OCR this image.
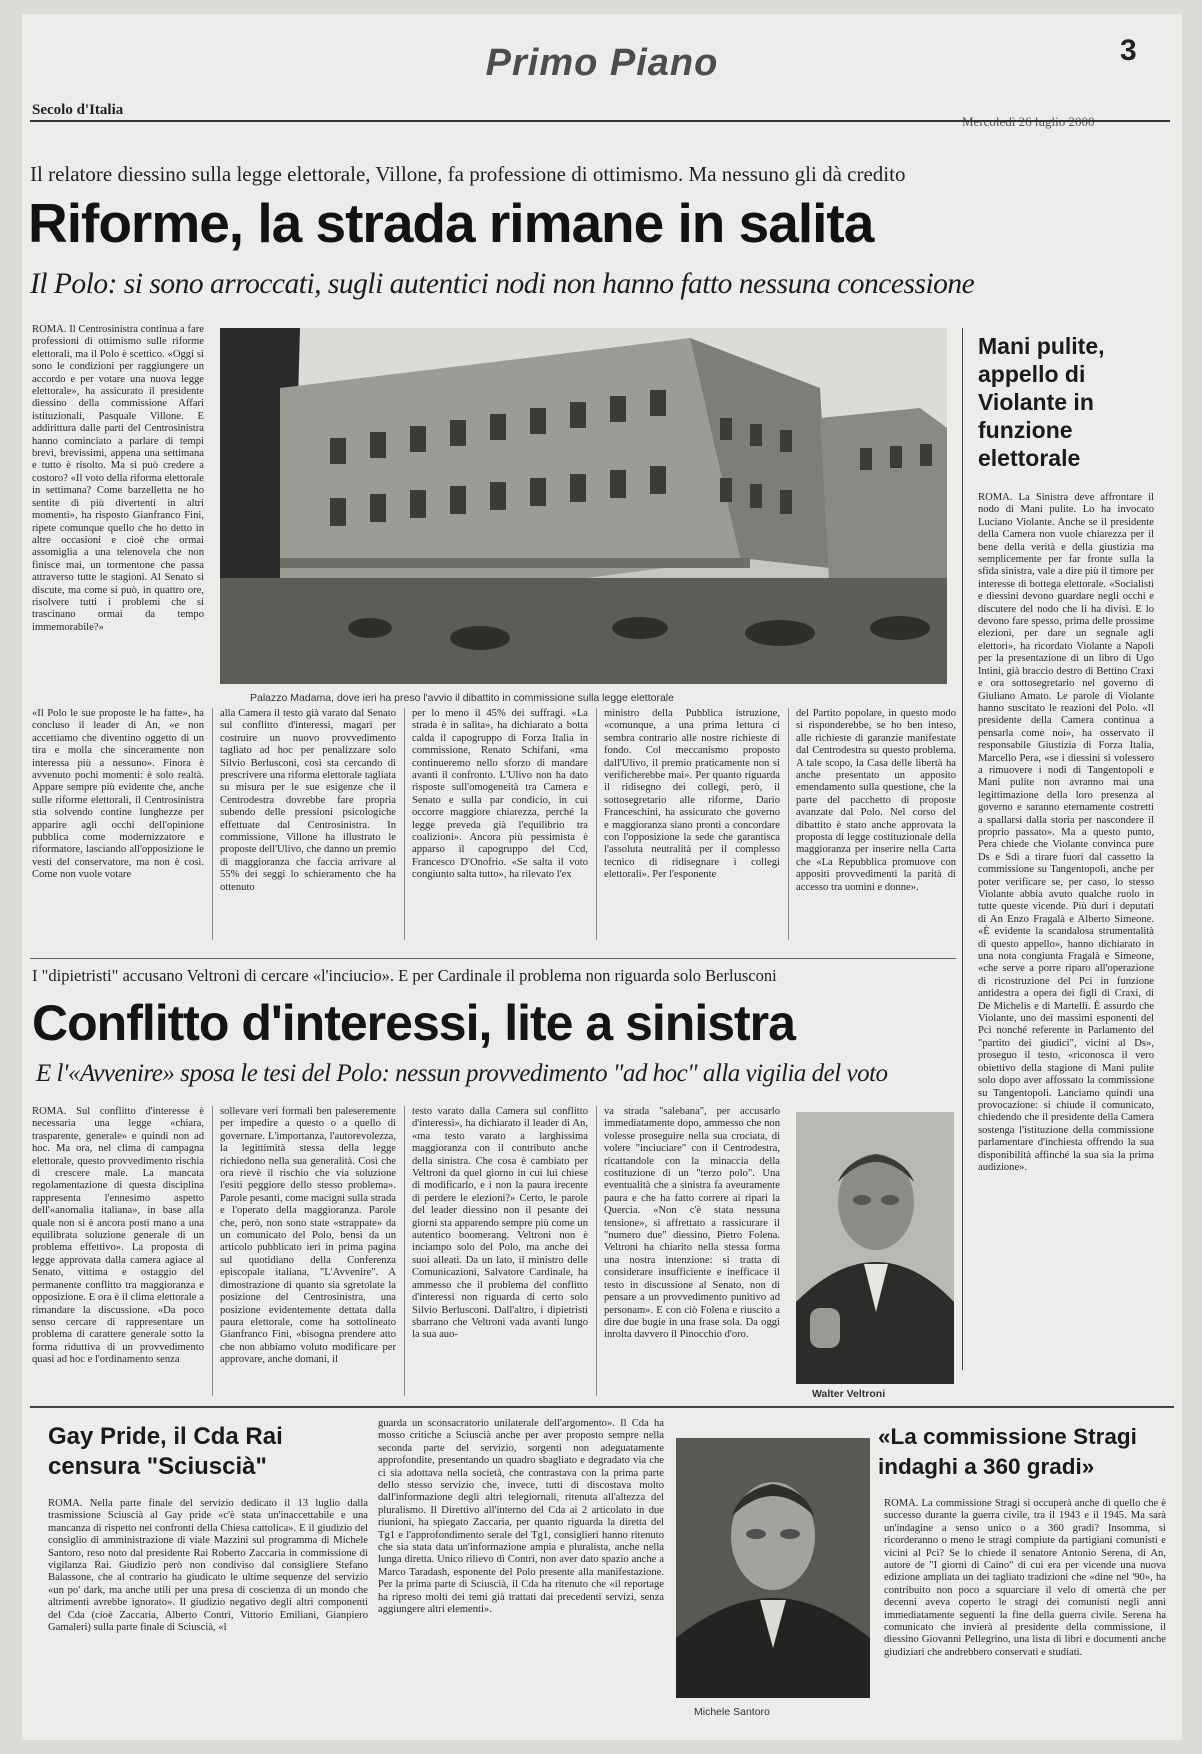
Primo Piano	3
Secolo d'Italia
Il relatore diessino sulla legge elettorale, Villone, fa professione di ottimismo. Ma nessuno gli dà credito
Riforme, la strada rimane in salita
Il Polo: si sono arroccati, sugli autentici nodi non hanno fatto nessuna concessione
ROMA. Il Centrosinistra continua a fare professioni di ottimismo sulle riforme elettorali, ma il Polo è scettico. «Oggi si sono le condizioni per raggiungere un accordo e per votare una nuova legge elettorale», ha assicurato il presidente diessino della commissione Affari istituzionali, Pasquale Villone. E addirittura dalle parti del Centrosinistra hanno cominciato a parlare di tempi brevi, brevissimi, appena una settimana e tutto è risolto. Ma si può credere a costoro? «Il voto della riforma elettorale in settimana? Come barzelletta ne ho sentite di più divertenti in altri momenti», ha risposto Gianfranco Fini, ripete comunque quello che ho detto in altre occasioni e cioè che ormai assomiglia a una telenovela che non finisce mai, un tormentone che passa attraverso tutte le stagioni. Al Senato si discute, ma come si può, in quattro ore, risolvere tutti i problemi che si trascinano ormai da tempo immemorabile?»
Palazzo Madama, dove ieri ha preso l'avvio il dibattito in commissione sulla legge elettorale
«Il Polo le sue proposte le ha fatte», ha concluso il leader di An, «e non accettiamo che diventino oggetto di un tira e molla che sinceramente non interessa più a nessuno». Finora è avvenuto pochi momenti: è solo realtà. Appare sempre più evidente che, anche sulle riforme elettorali, il Centrosinistra stia solvendo contine lunghezze per apparire agli occhi dell'opinione pubblica come modernizzatore e riformatore, lasciando all'opposizione le vesti del conservatore, ma non è così. Come non vuole votare
alla Camera il testo già varato dal Senato sul conflitto d'interessi, magari per costruire un nuovo provvedimento tagliato ad hoc per penalizzare solo Silvio Berlusconi, così sta cercando di prescrivere una riforma elettorale tagliata su misura per le sue esigenze che il Centrodestra dovrebbe fare propria subendo delle pressioni psicologiche effettuate dal Centrosinistra. In commissione, Villone ha illustrato le proposte dell'Ulivo, che danno un premio di maggioranza che faccia arrivare al 55% dei seggi lo schieramento che ha ottenuto
per lo meno il 45% dei suffragi. «La strada è in salita», ha dichiarato a botta calda il capogruppo di Forza Italia in commissione, Renato Schifani, «ma continueremo nello sforzo di mandare avanti il confronto. L'Ulivo non ha dato risposte sull'omogeneità tra Camera e Senato e sulla par condicio, in cui occorre maggiore chiarezza, perché la legge preveda già l'equilibrio tra coalizioni». Ancora più pessimista è apparso il capogruppo del Ccd, Francesco D'Onofrio. «Se salta il voto congiunto salta tutto», ha rilevato l'ex
ministro della Pubblica istruzione, «comunque, a una prima lettura ci sembra contrario alle nostre richieste di fondo. Col meccanismo proposto dall'Ulivo, il premio praticamente non si verificherebbe mai». Per quanto riguarda il ridisegno dei collegi, però, il sottosegretario alle riforme, Dario Franceschini, ha assicurato che governo e maggioranza siano pronti a concordare con l'opposizione la sede che garantisca l'assoluta neutralità per il complesso tecnico di ridisegnare i collegi elettorali». Per l'esponente
del Partito popolare, in questo modo si risponderebbe, se ho ben inteso, alle richieste di garanzie manifestate dal Centrodestra su questo problema. A tale scopo, la Casa delle libertà ha anche presentato un apposito emendamento sulla questione, che la parte del pacchetto di proposte avanzate dal Polo. Nel corso del dibattito è stato anche approvata la proposta di legge costituzionale della maggioranza per inserire nella Carta che «La Repubblica promuove con appositi provvedimenti la parità di accesso tra uomini e donne».
Mani pulite, appello di Violante in funzione elettorale
ROMA. La Sinistra deve affrontare il nodo di Mani pulite. Lo ha invocato Luciano Violante. Anche se il presidente della Camera non vuole chiarezza per il bene della verità e della giustizia ma semplicemente per far fronte sulla la sfida sinistra, vale a dire più il timore per interesse di bottega elettorale. «Socialisti e diessini devono guardare negli occhi e discutere del nodo che li ha divisi. E lo devono fare spesso, prima delle prossime elezioni, per dare un segnale agli elettori», ha ricordato Violante a Napoli per la presentazione di un libro di Ugo Intini, già braccio destro di Bettino Craxi e ora sottosegretario nel governo di Giuliano Amato. Le parole di Violante hanno suscitato le reazioni del Polo. «Il presidente della Camera continua a pensarla come noi», ha osservato il responsabile Giustizia di Forza Italia, Marcello Pera, «se i diessini si volessero a rimuovere i nodi di Tangentopoli e Mani pulite non avranno mai una legittimazione della loro presenza al governo e saranno eternamente costretti a spallarsi dalla storia per nascondere il proprio passato». Ma a questo punto, Pera chiede che Violante convinca pure Ds e Sdi a tirare fuori dal cassetto la commissione su Tangentopoli, anche per poter verificare se, per caso, lo stesso Violante abbia avuto qualche ruolo in tutte queste vicende. Più duri i deputati di An Enzo Fragalà e Alberto Simeone. «È evidente la scandalosa strumentalità di questo appello», hanno dichiarato in una nota congiunta Fragalà e Simeone, «che serve a porre riparo all'operazione di ricostruzione del Pci in funzione antidestra a opera dei figli di Craxi, di De Michelis e di Martelli. È assurdo che Violante, uno dei massimi esponenti del Pci nonché referente in Parlamento del "partito dei giudici", vicini al Ds», proseguo il testo, «riconosca il vero obiettivo della stagione di Mani pulite solo dopo aver affossato la commissione su Tangentopoli. Lanciamo quindi una provocazione: si chiude il comunicato, chiedendo che il presidente della Camera sostenga l'istituzione della commissione parlamentare d'inchiesta offrendo la sua disponibilità affinché la sua sia la prima audizione».
I "dipietristi" accusano Veltroni di cercare «l'inciucio». E per Cardinale il problema non riguarda solo Berlusconi
Conflitto d'interessi, lite a sinistra
E l'«Avvenire» sposa le tesi del Polo: nessun provvedimento "ad hoc" alla vigilia del voto
ROMA. Sul conflitto d'interesse è necessaria una legge «chiara, trasparente, generale» e quindi non ad hoc. Ma ora, nel clima di campagna elettorale, questo provvedimento rischia di crescere male. La mancata regolamentazione di questa disciplina rappresenta l'ennesimo aspetto dell'«anomalia italiana», in base alla quale non si è ancora posti mano a una equilibrata soluzione generale di un problema effettivo». La proposta di legge approvata dalla camera agiace al Senato, vittima e ostaggio del permanente conflitto tra maggioranza e opposizione. E ora è il clima elettorale a rimandare la discussione. «Da poco senso cercare di rappresentare un problema di carattere generale sotto la forma riduttiva di un provvedimento quasi ad hoc e l'ordinamento senza
sollevare veri formali ben paleseremente per impedire a questo o a quello di governare. L'importanza, l'autorevolezza, la legittimità stessa della legge richiedono nella sua generalità. Così che ora rievè il rischio che via soluzione l'esiti peggiore dello stesso problema». Parole pesanti, come macigni sulla strada e l'operato della maggioranza. Parole che, però, non sono state «strappate» da un comunicato del Polo, bensì da un articolo pubblicato ieri in prima pagina sul quotidiano della Conferenza episcopale italiana, "L'Avvenire". A dimostrazione di quanto sia sgretolate la posizione del Centrosinistra, una posizione evidentemente dettata dalla paura elettorale, come ha sottolineato Gianfranco Fini, «bisogna prendere atto che non abbiamo voluto modificare per approvare, anche domani, il
testo varato dalla Camera sul conflitto d'interessi», ha dichiarato il leader di An, «ma testo varato a larghissima maggioranza con il contributo anche della sinistra. Che cosa è cambiato per Veltroni da quel giorno in cui lui chiese di modificarlo, e i non la paura irecente di perdere le elezioni?» Certo, le parole del leader diessino non il pesante dei giorni sta apparendo sempre più come un autentico boomerang. Veltroni non è inciampo solo del Polo, ma anche dei suoi alleati. Da un lato, il ministro delle Comunicazioni, Salvatore Cardinale, ha ammesso che il problema del conflitto d'interessi non riguarda di certo solo Silvio Berlusconi. Dall'altro, i dipietristi sbarrano che Veltroni vada avanti lungo la sua auo-
va strada "salebana", per accusarlo immediatamente dopo, ammesso che non volesse proseguire nella sua crociata, di volere "inciuciare" con il Centrodestra, ricattandole con la minaccia della costituzione di un "terzo polo". Una eventualità che a sinistra fa aveuramente paura e che ha fatto correre ai ripari la Quercia. «Non c'è stata nessuna tensione», si affrettato a rassicurare il "numero due" diessino, Pietro Folena. Veltroni ha chiarito nella stessa forma una nostra intenzione: si tratta di considerare insufficiente e inefficace il testo in discussione al Senato, non di pensare a un provvedimento punitivo ad personam». E con ciò Folena e riuscito a dire due bugie in una frase sola. Da oggi inrolta davvero il Pinocchio d'oro.
Walter Veltroni
Gay Pride, il Cda Rai censura "Sciuscià"
ROMA. Nella parte finale del servizio dedicato il 13 luglio dalla trasmissione Sciuscià al Gay pride «c'è stata un'inaccettabile e una mancanza di rispetto nei confronti della Chiesa cattolica». E il giudizio del consiglio di amministrazione di viale Mazzini sul programma di Michele Santoro, reso noto dal presidente Rai Roberto Zaccaria in commissione di vigilanza Rai. Giudizio però non condiviso dal consigliere Stefano Balassone, che al contrario ha giudicato le ultime sequenze del servizio «un po' dark, ma anche utili per una presa di coscienza di un mondo che altrimenti avrebbe ignorato». Il giudizio negativo degli altri componenti del Cda (cioè Zaccaria, Alberto Contri, Vittorio Emiliani, Gianpiero Gamaleri) sulla parte finale di Sciuscià, «l
guarda un sconsacratorio unilaterale dell'argomento». Il Cda ha mosso critiche a Sciuscià anche per aver proposto sempre nella seconda parte del servizio, sorgenti non adeguatamente approfondite, presentando un quadro sbagliato e degradato via che ci sia adottava nella società, che contrastava con la prima parte dello stesso servizio che, invece, tutti di discostava molto dall'informazione degli altri telegiornali, ritenuta all'altezza del pluralismo. Il Direttivo all'interno del Cda ai 2 articolato in due riunioni, ha spiegato Zaccaria, per quanto riguarda la diretta del Tg1 e l'approfondimento serale del Tg1, consiglieri hanno ritenuto che sia stata data un'informazione ampia e pluralista, anche nella lunga diretta. Unico rilievo di Contri, non aver dato spazio anche a Marco Taradash, esponente del Polo presente alla manifestazione. Per la prima parte di Sciuscià, il Cda ha ritenuto che «il reportage ha ripreso molti dei temi già trattati dai precedenti servizi, senza aggiungere altri elementi».
Michele Santoro
«La commissione Stragi indaghi a 360 gradi»
ROMA. La commissione Stragi si occuperà anche di quello che è successo durante la guerra civile, tra il 1943 e il 1945. Ma sarà un'indagine a senso unico o a 360 gradi? Insomma, si ricorderanno o meno le stragi compiute da partigiani comunisti e vicini al Pci? Se lo chiede il senatore Antonio Serena, di An, autore de "I giorni di Caino" di cui era per vicende una nuova edizione ampliata un dei tagliato tradizioni che «dine nel '90», ha contribuito non poco a squarciare il velo di omertà che per decenni aveva coperto le stragi dei comunisti negli anni immediatamente seguenti la fine della guerra civile. Serena ha comunicato che invierà al presidente della commissione, il diessino Giovanni Pellegrino, una lista di libri e documenti anche giudiziari che andrebbero conservati e studiati.
